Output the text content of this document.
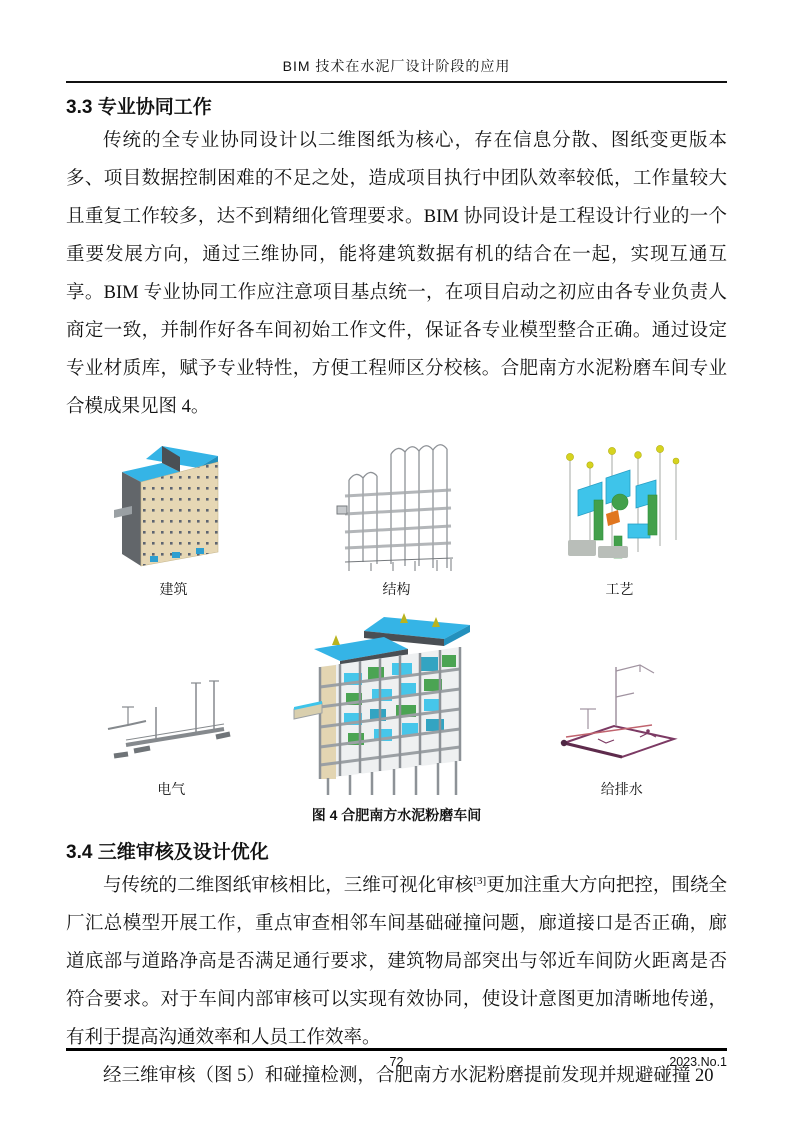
BIM 技术在水泥厂设计阶段的应用
3.3 专业协同工作

传统的全专业协同设计以二维图纸为核心，存在信息分散、图纸变更版本多、项目数据控制困难的不足之处，造成项目执行中团队效率较低，工作量较大且重复工作较多，达不到精细化管理要求。BIM 协同设计是工程设计行业的一个重要发展方向，通过三维协同，能将建筑数据有机的结合在一起，实现互通互享。BIM 专业协同工作应注意项目基点统一，在项目启动之初应由各专业负责人商定一致，并制作好各车间初始工作文件，保证各专业模型整合正确。通过设定专业材质库，赋予专业特性，方便工程师区分校核。合肥南方水泥粉磨车间专业合模成果见图 4。

建筑	结构	工艺
电气	给排水
图 4 合肥南方水泥粉磨车间
3.4 三维审核及设计优化

与传统的二维图纸审核相比，三维可视化审核[3]更加注重大方向把控，围绕全厂汇总模型开展工作，重点审查相邻车间基础碰撞问题，廊道接口是否正确，廊道底部与道路净高是否满足通行要求，建筑物局部突出与邻近车间防火距离是否符合要求。对于车间内部审核可以实现有效协同，使设计意图更加清晰地传递，有利于提高沟通效率和人员工作效率。

经三维审核（图 5）和碰撞检测，合肥南方水泥粉磨提前发现并规避碰撞 20

72	2023.No.1
